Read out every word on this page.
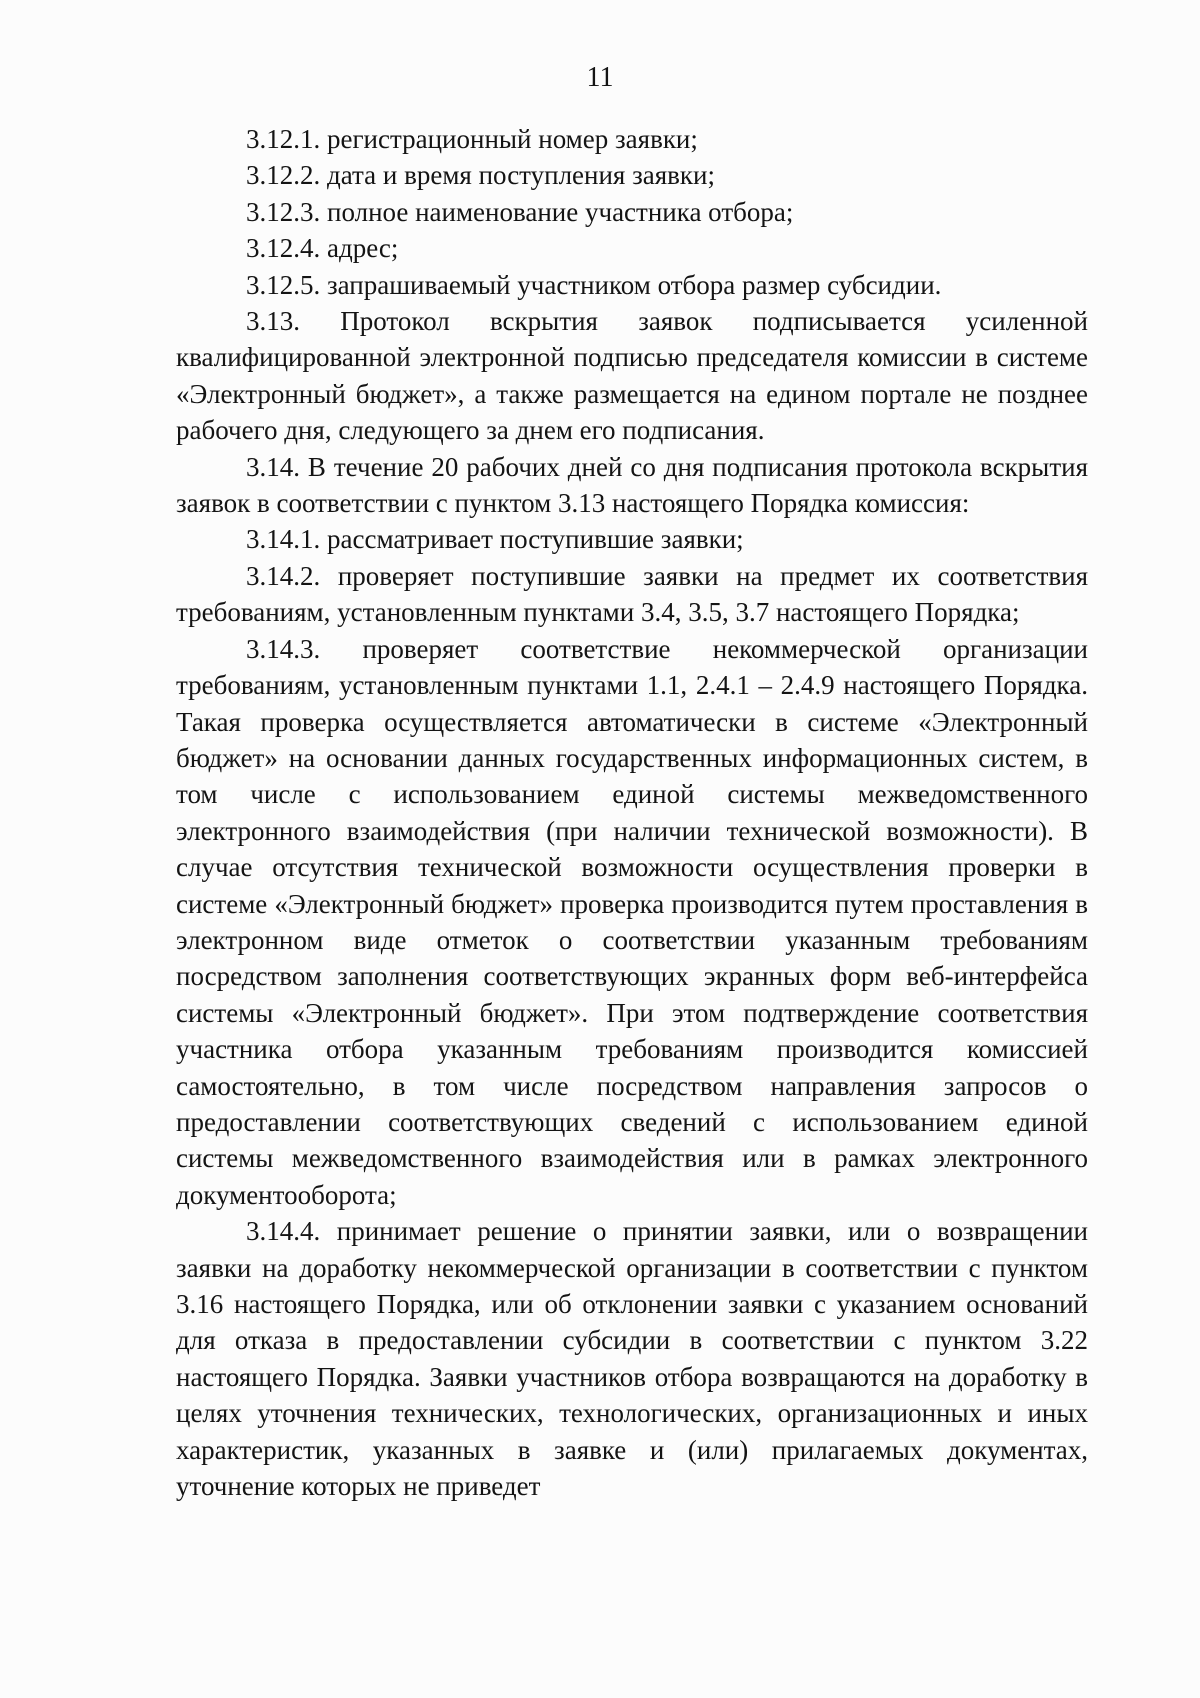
11

3.12.1. регистрационный номер заявки;

3.12.2. дата и время поступления заявки;

3.12.3. полное наименование участника отбора;

3.12.4. адрес;

3.12.5. запрашиваемый участником отбора размер субсидии.

3.13. Протокол вскрытия заявок подписывается усиленной квалифицированной электронной подписью председателя комиссии в системе «Электронный бюджет», а также размещается на едином портале не позднее рабочего дня, следующего за днем его подписания.

3.14. В течение 20 рабочих дней со дня подписания протокола вскрытия заявок в соответствии с пунктом 3.13 настоящего Порядка комиссия:

3.14.1. рассматривает поступившие заявки;

3.14.2. проверяет поступившие заявки на предмет их соответствия требованиям, установленным пунктами 3.4, 3.5, 3.7 настоящего Порядка;

3.14.3. проверяет соответствие некоммерческой организации требованиям, установленным пунктами 1.1, 2.4.1 – 2.4.9 настоящего Порядка. Такая проверка осуществляется автоматически в системе «Электронный бюджет» на основании данных государственных информационных систем, в том числе с использованием единой системы межведомственного электронного взаимодействия (при наличии технической возможности). В случае отсутствия технической возможности осуществления проверки в системе «Электронный бюджет» проверка производится путем проставления в электронном виде отметок о соответствии указанным требованиям посредством заполнения соответствующих экранных форм веб-интерфейса системы «Электронный бюджет». При этом подтверждение соответствия участника отбора указанным требованиям производится комиссией самостоятельно, в том числе посредством направления запросов о предоставлении соответствующих сведений с использованием единой системы межведомственного взаимодействия или в рамках электронного документооборота;

3.14.4. принимает решение о принятии заявки, или о возвращении заявки на доработку некоммерческой организации в соответствии с пунктом 3.16 настоящего Порядка, или об отклонении заявки с указанием оснований для отказа в предоставлении субсидии в соответствии с пунктом 3.22 настоящего Порядка. Заявки участников отбора возвращаются на доработку в целях уточнения технических, технологических, организационных и иных характеристик, указанных в заявке и (или) прилагаемых документах, уточнение которых не приведет
